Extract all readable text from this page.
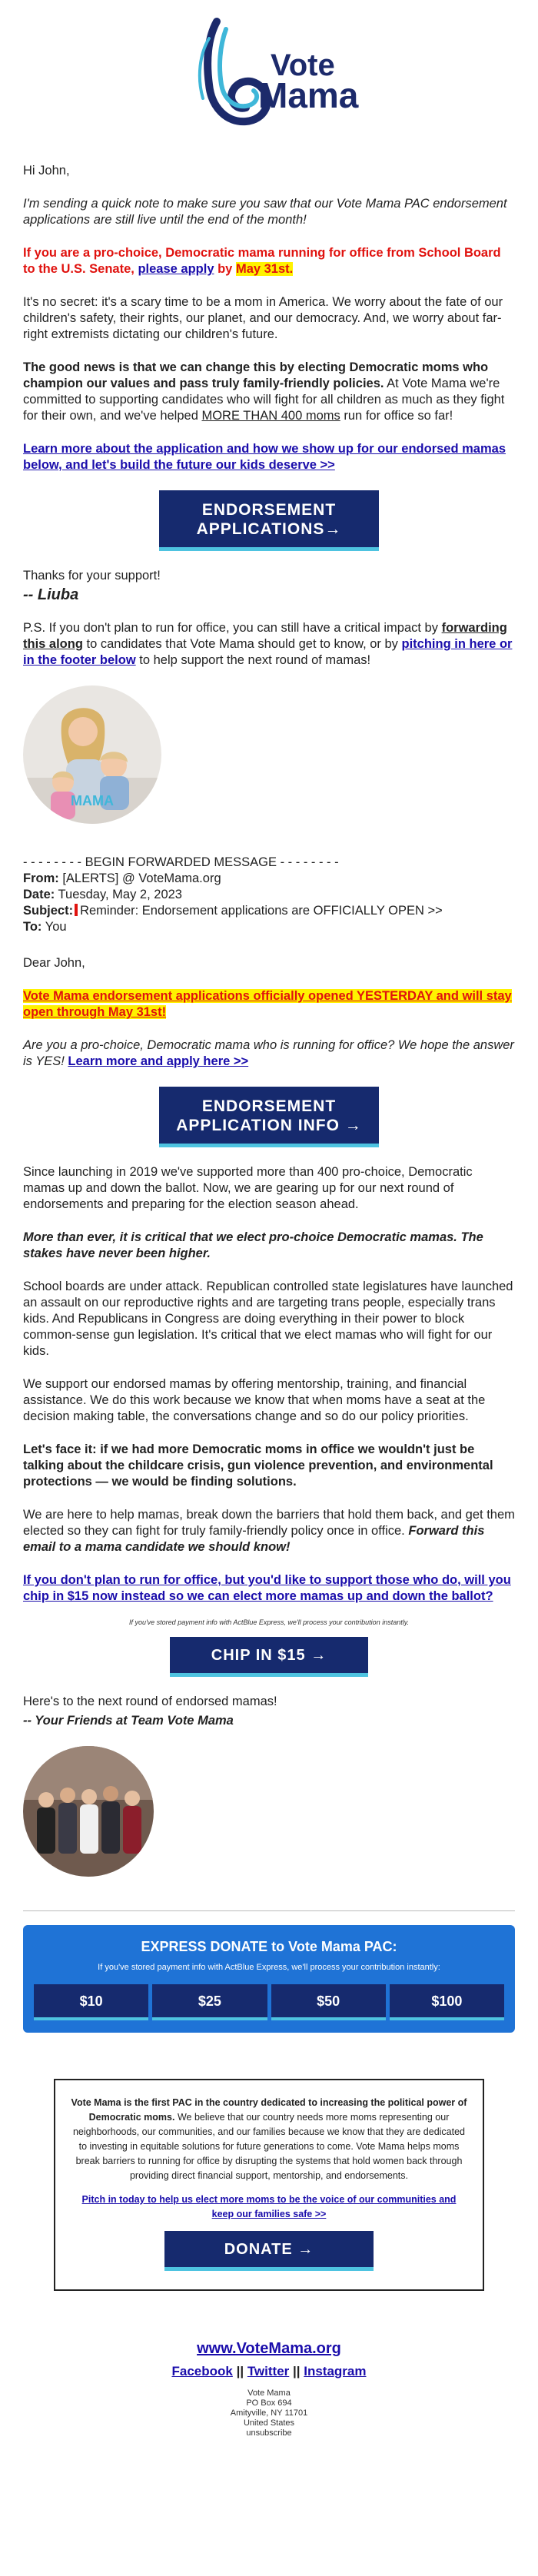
Vote
Mama

Hi John,

I'm sending a quick note to make sure you saw that our Vote Mama PAC endorsement applications are still live until the end of the month!

If you are a pro-choice, Democratic mama running for office from School Board to the U.S. Senate, please apply by May 31st.

It's no secret: it's a scary time to be a mom in America. We worry about the fate of our children's safety, their rights, our planet, and our democracy. And, we worry about far-right extremists dictating our children's future.

The good news is that we can change this by electing Democratic moms who champion our values and pass truly family-friendly policies. At Vote Mama we're committed to supporting candidates who will fight for all children as much as they fight for their own, and we've helped MORE THAN 400 moms run for office so far!

Learn more about the application and how we show up for our endorsed mamas below, and let's build the future our kids deserve >>

ENDORSEMENT APPLICATIONS→

Thanks for your support!

-- Liuba

P.S. If you don't plan to run for office, you can still have a critical impact by forwarding this along to candidates that Vote Mama should get to know, or by pitching in here or in the footer below to help support the next round of mamas!

MAMA
- - - - - - - - BEGIN FORWARDED MESSAGE - - - - - - - -
From: [ALERTS] @ VoteMama.org
Date: Tuesday, May 2, 2023
Subject: Reminder: Endorsement applications are OFFICIALLY OPEN >>
To: You

Dear John,

Vote Mama endorsement applications officially opened YESTERDAY and will stay open through May 31st!

Are you a pro-choice, Democratic mama who is running for office? We hope the answer is YES! Learn more and apply here >>

ENDORSEMENT APPLICATION INFO →

Since launching in 2019 we've supported more than 400 pro-choice, Democratic mamas up and down the ballot. Now, we are gearing up for our next round of endorsements and preparing for the election season ahead.

More than ever, it is critical that we elect pro-choice Democratic mamas. The stakes have never been higher.

School boards are under attack. Republican controlled state legislatures have launched an assault on our reproductive rights and are targeting trans people, especially trans kids. And Republicans in Congress are doing everything in their power to block common-sense gun legislation. It's critical that we elect mamas who will fight for our kids.

We support our endorsed mamas by offering mentorship, training, and financial assistance. We do this work because we know that when moms have a seat at the decision making table, the conversations change and so do our policy priorities.

Let's face it: if we had more Democratic moms in office we wouldn't just be talking about the childcare crisis, gun violence prevention, and environmental protections — we would be finding solutions.

We are here to help mamas, break down the barriers that hold them back, and get them elected so they can fight for truly family-friendly policy once in office. Forward this email to a mama candidate we should know!

If you don't plan to run for office, but you'd like to support those who do, will you chip in $15 now instead so we can elect more mamas up and down the ballot?

If you've stored payment info with ActBlue Express, we'll process your contribution instantly.
CHIP IN $15 →

Here's to the next round of endorsed mamas!

-- Your Friends at Team Vote Mama

EXPRESS DONATE to Vote Mama PAC:
If you've stored payment info with ActBlue Express, we'll process your contribution instantly:
$10	$25	$50	$100

Vote Mama is the first PAC in the country dedicated to increasing the political power of Democratic moms. We believe that our country needs more moms representing our neighborhoods, our communities, and our families because we know that they are dedicated to investing in equitable solutions for future generations to come. Vote Mama helps moms break barriers to running for office by disrupting the systems that hold women back through providing direct financial support, mentorship, and endorsements.

Pitch in today to help us elect more moms to be the voice of our communities and keep our families safe >>

DONATE →
www.VoteMama.org
Facebook || Twitter || Instagram
Vote Mama
PO Box 694
Amityville, NY 11701
United States
unsubscribe
